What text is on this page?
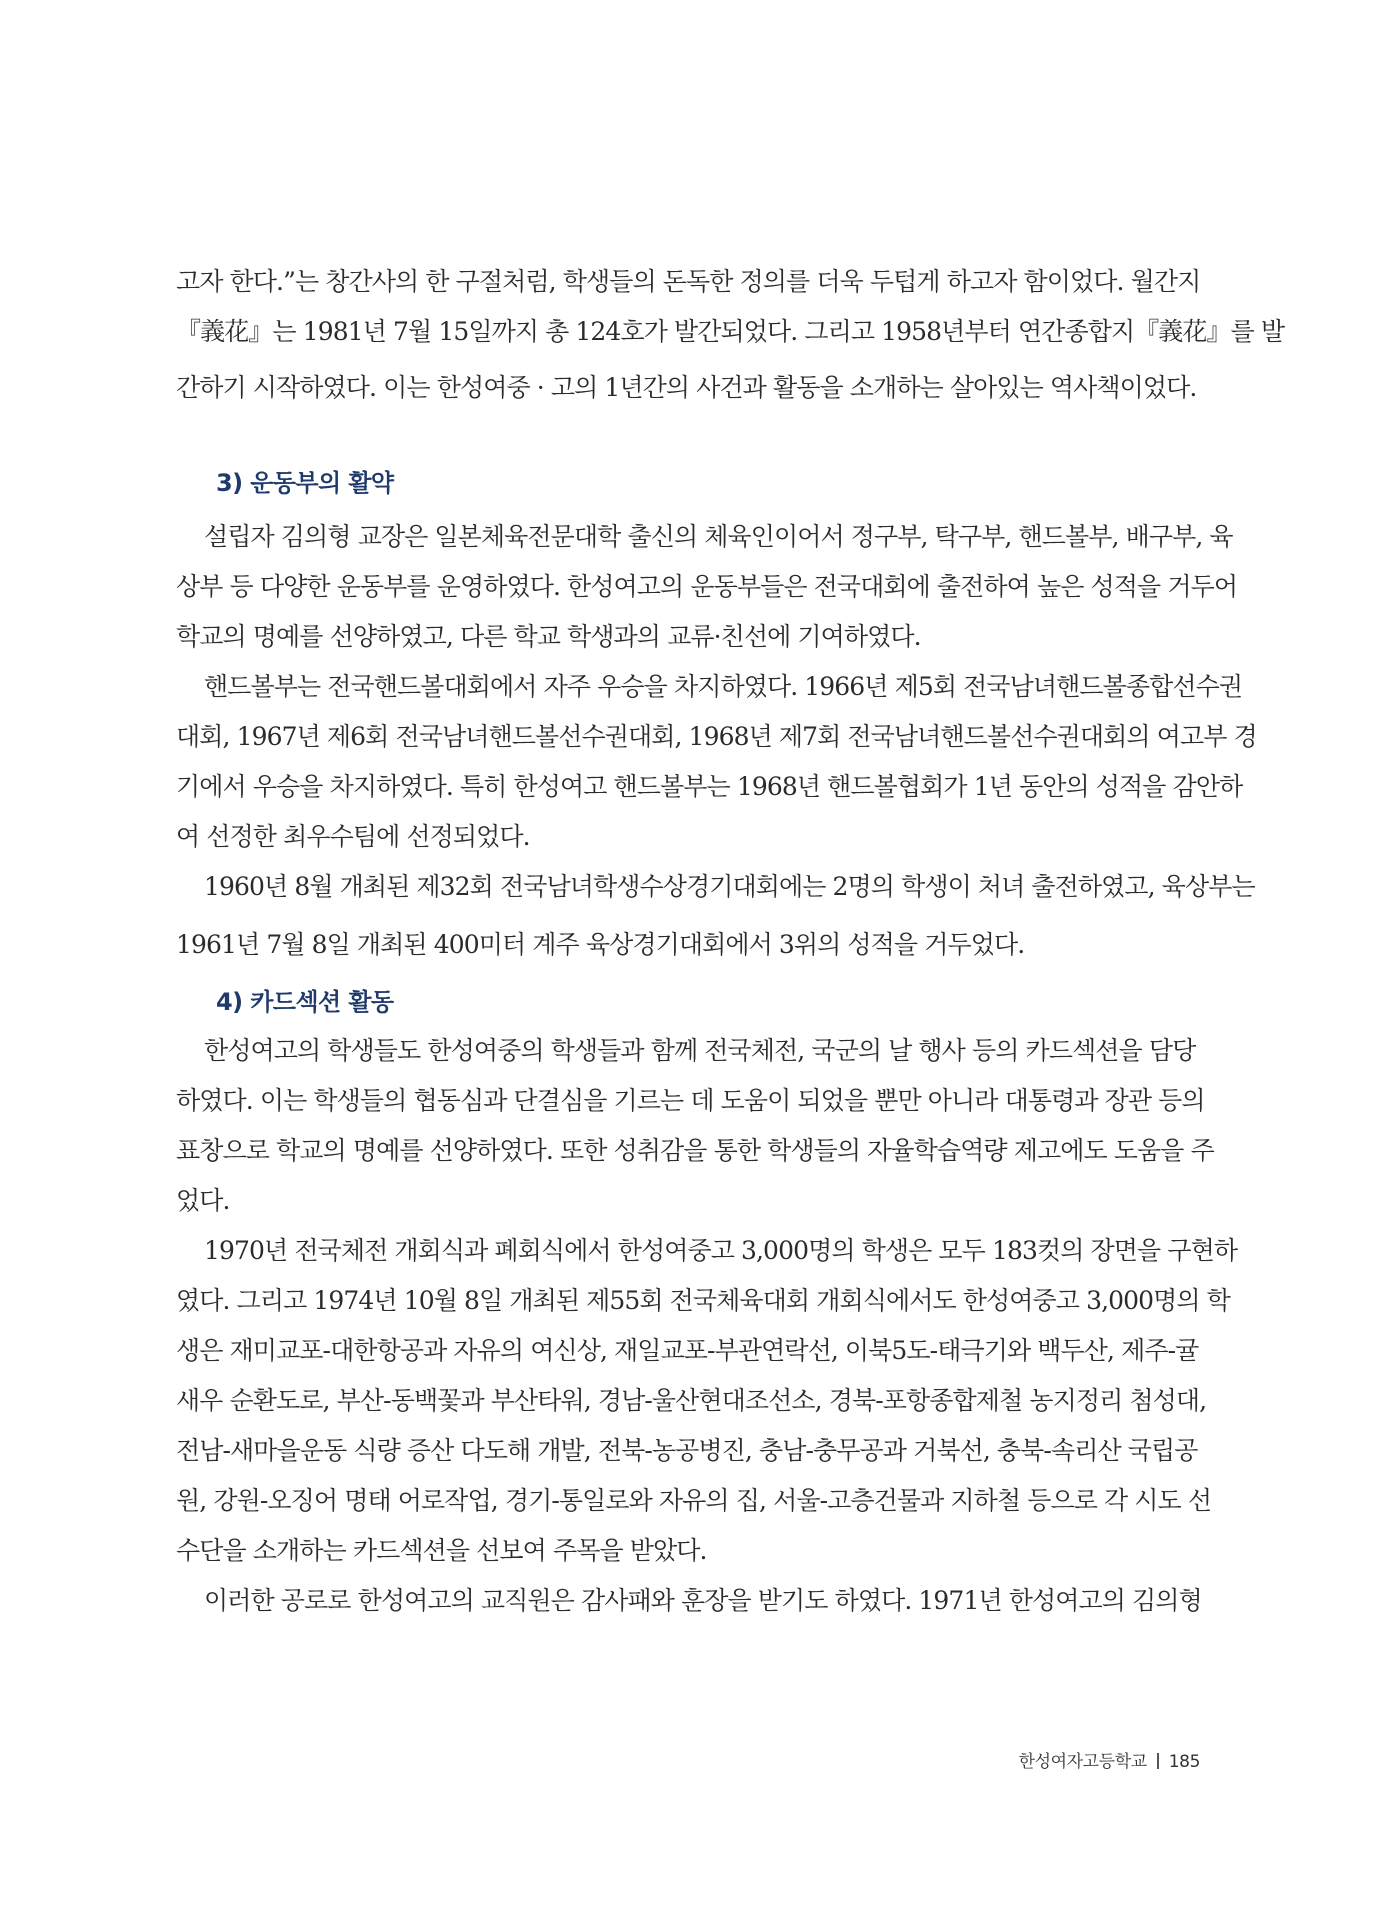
고자 한다.”는 창간사의 한 구절처럼, 학생들의 돈독한 정의를 더욱 두텁게 하고자 함이었다. 월간지
『義花』는 1981년 7월 15일까지 총 124호가 발간되었다. 그리고 1958년부터 연간종합지『義花』를 발
간하기 시작하였다. 이는 한성여중 · 고의 1년간의 사건과 활동을 소개하는 살아있는 역사책이었다.
3) 운동부의 활약
설립자 김의형 교장은 일본체육전문대학 출신의 체육인이어서 정구부, 탁구부, 핸드볼부, 배구부, 육
상부 등 다양한 운동부를 운영하였다. 한성여고의 운동부들은 전국대회에 출전하여 높은 성적을 거두어
학교의 명예를 선양하였고, 다른 학교 학생과의 교류·친선에 기여하였다.
핸드볼부는 전국핸드볼대회에서 자주 우승을 차지하였다. 1966년 제5회 전국남녀핸드볼종합선수권
대회, 1967년 제6회 전국남녀핸드볼선수권대회, 1968년 제7회 전국남녀핸드볼선수권대회의 여고부 경
기에서 우승을 차지하였다. 특히 한성여고 핸드볼부는 1968년 핸드볼협회가 1년 동안의 성적을 감안하
여 선정한 최우수팀에 선정되었다.
1960년 8월 개최된 제32회 전국남녀학생수상경기대회에는 2명의 학생이 처녀 출전하였고, 육상부는
1961년 7월 8일 개최된 400미터 계주 육상경기대회에서 3위의 성적을 거두었다.
4) 카드섹션 활동
한성여고의 학생들도 한성여중의 학생들과 함께 전국체전, 국군의 날 행사 등의 카드섹션을 담당
하였다. 이는 학생들의 협동심과 단결심을 기르는 데 도움이 되었을 뿐만 아니라 대통령과 장관 등의
표창으로 학교의 명예를 선양하였다. 또한 성취감을 통한 학생들의 자율학습역량 제고에도 도움을 주
었다.
1970년 전국체전 개회식과 폐회식에서 한성여중고 3,000명의 학생은 모두 183컷의 장면을 구현하
였다. 그리고 1974년 10월 8일 개최된 제55회 전국체육대회 개회식에서도 한성여중고 3,000명의 학
생은 재미교포-대한항공과 자유의 여신상, 재일교포-부관연락선, 이북5도-태극기와 백두산, 제주-귤
새우 순환도로, 부산-동백꽃과 부산타워, 경남-울산현대조선소, 경북-포항종합제철 농지정리 첨성대,
전남-새마을운동 식량 증산 다도해 개발, 전북-농공병진, 충남-충무공과 거북선, 충북-속리산 국립공
원, 강원-오징어 명태 어로작업, 경기-통일로와 자유의 집, 서울-고층건물과 지하철 등으로 각 시도 선
수단을 소개하는 카드섹션을 선보여 주목을 받았다.
이러한 공로로 한성여고의 교직원은 감사패와 훈장을 받기도 하였다. 1971년 한성여고의 김의형
한성여자고등학교 185
